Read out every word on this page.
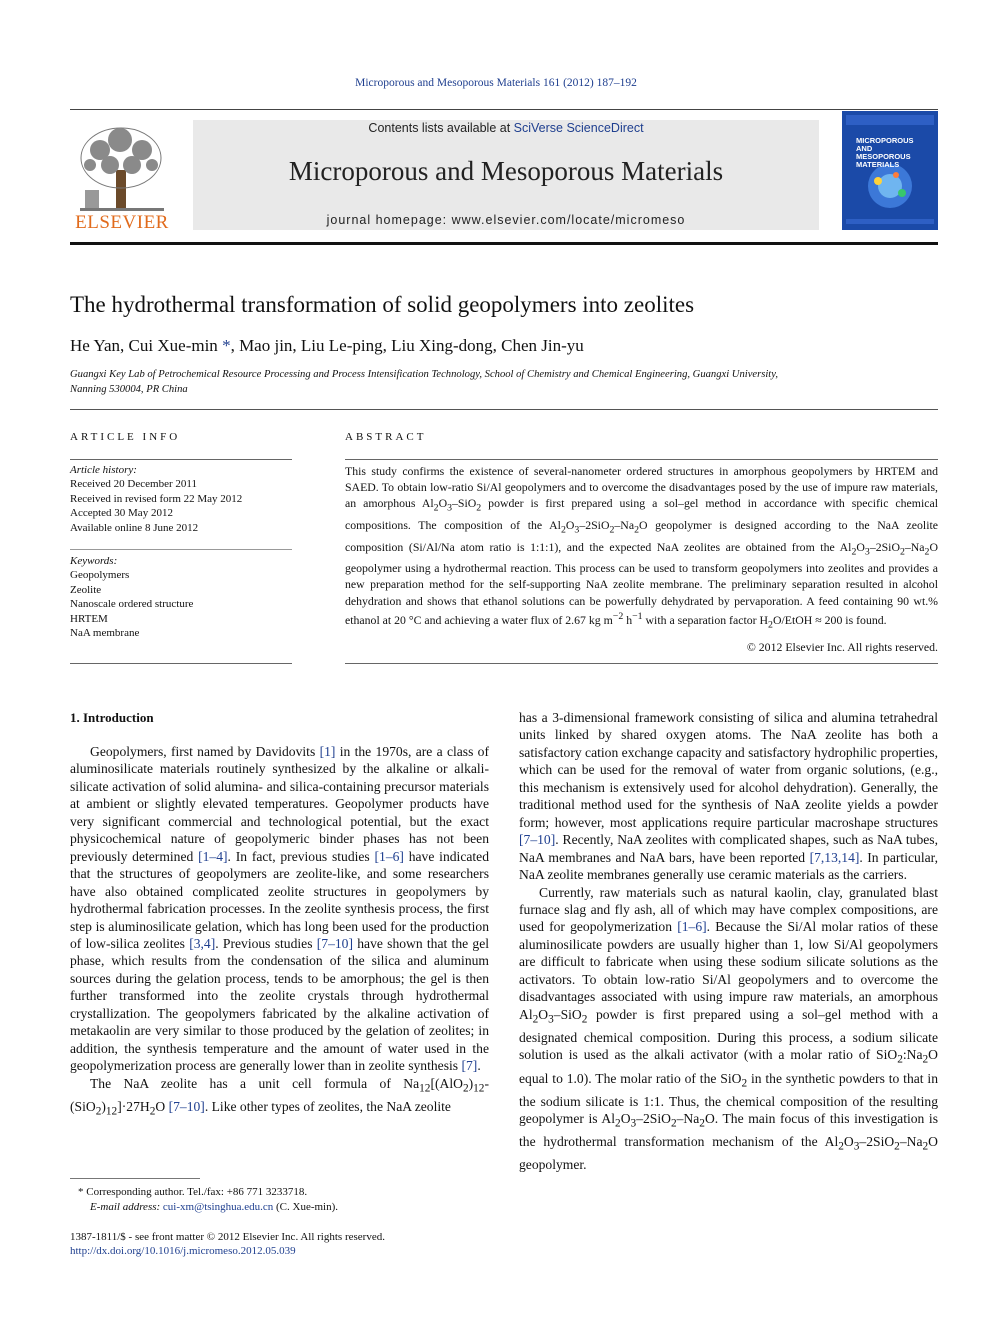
Microporous and Mesoporous Materials 161 (2012) 187–192
ELSEVIER
Contents lists available at SciVerse ScienceDirect
Microporous and Mesoporous Materials
journal homepage: www.elsevier.com/locate/micromeso
MICROPOROUS AND MESOPOROUS MATERIALS
The hydrothermal transformation of solid geopolymers into zeolites
He Yan, Cui Xue-min *, Mao jin, Liu Le-ping, Liu Xing-dong, Chen Jin-yu
Guangxi Key Lab of Petrochemical Resource Processing and Process Intensification Technology, School of Chemistry and Chemical Engineering, Guangxi University,
Nanning 530004, PR China
ARTICLE INFO
Article history:
Received 20 December 2011
Received in revised form 22 May 2012
Accepted 30 May 2012
Available online 8 June 2012
Keywords:
Geopolymers
Zeolite
Nanoscale ordered structure
HRTEM
NaA membrane
ABSTRACT
This study confirms the existence of several-nanometer ordered structures in amorphous geopolymers by HRTEM and SAED. To obtain low-ratio Si/Al geopolymers and to overcome the disadvantages posed by the use of impure raw materials, an amorphous $Al_2O_3-SiO_2$ powder is first prepared using a sol–gel method in accordance with specific chemical compositions. The composition of the $Al_2O_3-2SiO_2-Na_2O$ geopolymer is designed according to the NaA zeolite composition (Si/Al/Na atom ratio is 1:1:1), and the expected NaA zeolites are obtained from the $Al_2O_3-2SiO_2-Na_2O$ geopolymer using a hydrothermal reaction. This process can be used to transform geopolymers into zeolites and provides a new preparation method for the self-supporting NaA zeolite membrane. The preliminary separation resulted in alcohol dehydration and shows that ethanol solutions can be powerfully dehydrated by pervaporation. A feed containing 90 wt.% ethanol at 20 °C and achieving a water flux of 2.67 kg $m^{-2}$ $h^{-1}$ with a separation factor $H_2O$/EtOH ≈ 200 is found.
© 2012 Elsevier Inc. All rights reserved.
1. Introduction

Geopolymers, first named by Davidovits [1] in the 1970s, are a class of aluminosilicate materials routinely synthesized by the alkaline or alkali-silicate activation of solid alumina- and silica-containing precursor materials at ambient or slightly elevated temperatures. Geopolymer products have very significant commercial and technological potential, but the exact physicochemical nature of geopolymeric binder phases has not been previously determined [1–4]. In fact, previous studies [1–6] have indicated that the structures of geopolymers are zeolite-like, and some researchers have also obtained complicated zeolite structures in geopolymers by hydrothermal fabrication processes. In the zeolite synthesis process, the first step is aluminosilicate gelation, which has long been used for the production of low-silica zeolites [3,4]. Previous studies [7–10] have shown that the gel phase, which results from the condensation of the silica and aluminum sources during the gelation process, tends to be amorphous; the gel is then further transformed into the zeolite crystals through hydrothermal crystallization. The geopolymers fabricated by the alkaline activation of metakaolin are very similar to those produced by the gelation of zeolites; in addition, the synthesis temperature and the amount of water used in the geopolymerization process are generally lower than in zeolite synthesis [7].

The NaA zeolite has a unit cell formula of $Na_{12}[(AlO_2)_{12}-(SiO_2)_{12}]\cdot 27H_2O$ [7–10]. Like other types of zeolites, the NaA zeolite

has a 3-dimensional framework consisting of silica and alumina tetrahedral units linked by shared oxygen atoms. The NaA zeolite has both a satisfactory cation exchange capacity and satisfactory hydrophilic properties, which can be used for the removal of water from organic solutions, (e.g., this mechanism is extensively used for alcohol dehydration). Generally, the traditional method used for the synthesis of NaA zeolite yields a powder form; however, most applications require particular macroshape structures [7–10]. Recently, NaA zeolites with complicated shapes, such as NaA tubes, NaA membranes and NaA bars, have been reported [7,13,14]. In particular, NaA zeolite membranes generally use ceramic materials as the carriers.

Currently, raw materials such as natural kaolin, clay, granulated blast furnace slag and fly ash, all of which may have complex compositions, are used for geopolymerization [1–6]. Because the Si/Al molar ratios of these aluminosilicate powders are usually higher than 1, low Si/Al geopolymers are difficult to fabricate when using these sodium silicate solutions as the activators. To obtain low-ratio Si/Al geopolymers and to overcome the disadvantages associated with using impure raw materials, an amorphous $Al_2O_3-SiO_2$ powder is first prepared using a sol–gel method with a designated chemical composition. During this process, a sodium silicate solution is used as the alkali activator (with a molar ratio of $SiO_2:Na_2O$ equal to 1.0). The molar ratio of the SiO$_2$ in the synthetic powders to that in the sodium silicate is 1:1. Thus, the chemical composition of the resulting geopolymer is $Al_2O_3-2SiO_2-Na_2O$. The main focus of this investigation is the hydrothermal transformation mechanism of the $Al_2O_3-2SiO_2-Na_2O$ geopolymer.

* Corresponding author. Tel./fax: +86 771 3233718.
E-mail address: cui-xm@tsinghua.edu.cn (C. Xue-min).
1387-1811/$ - see front matter © 2012 Elsevier Inc. All rights reserved.
http://dx.doi.org/10.1016/j.micromeso.2012.05.039
